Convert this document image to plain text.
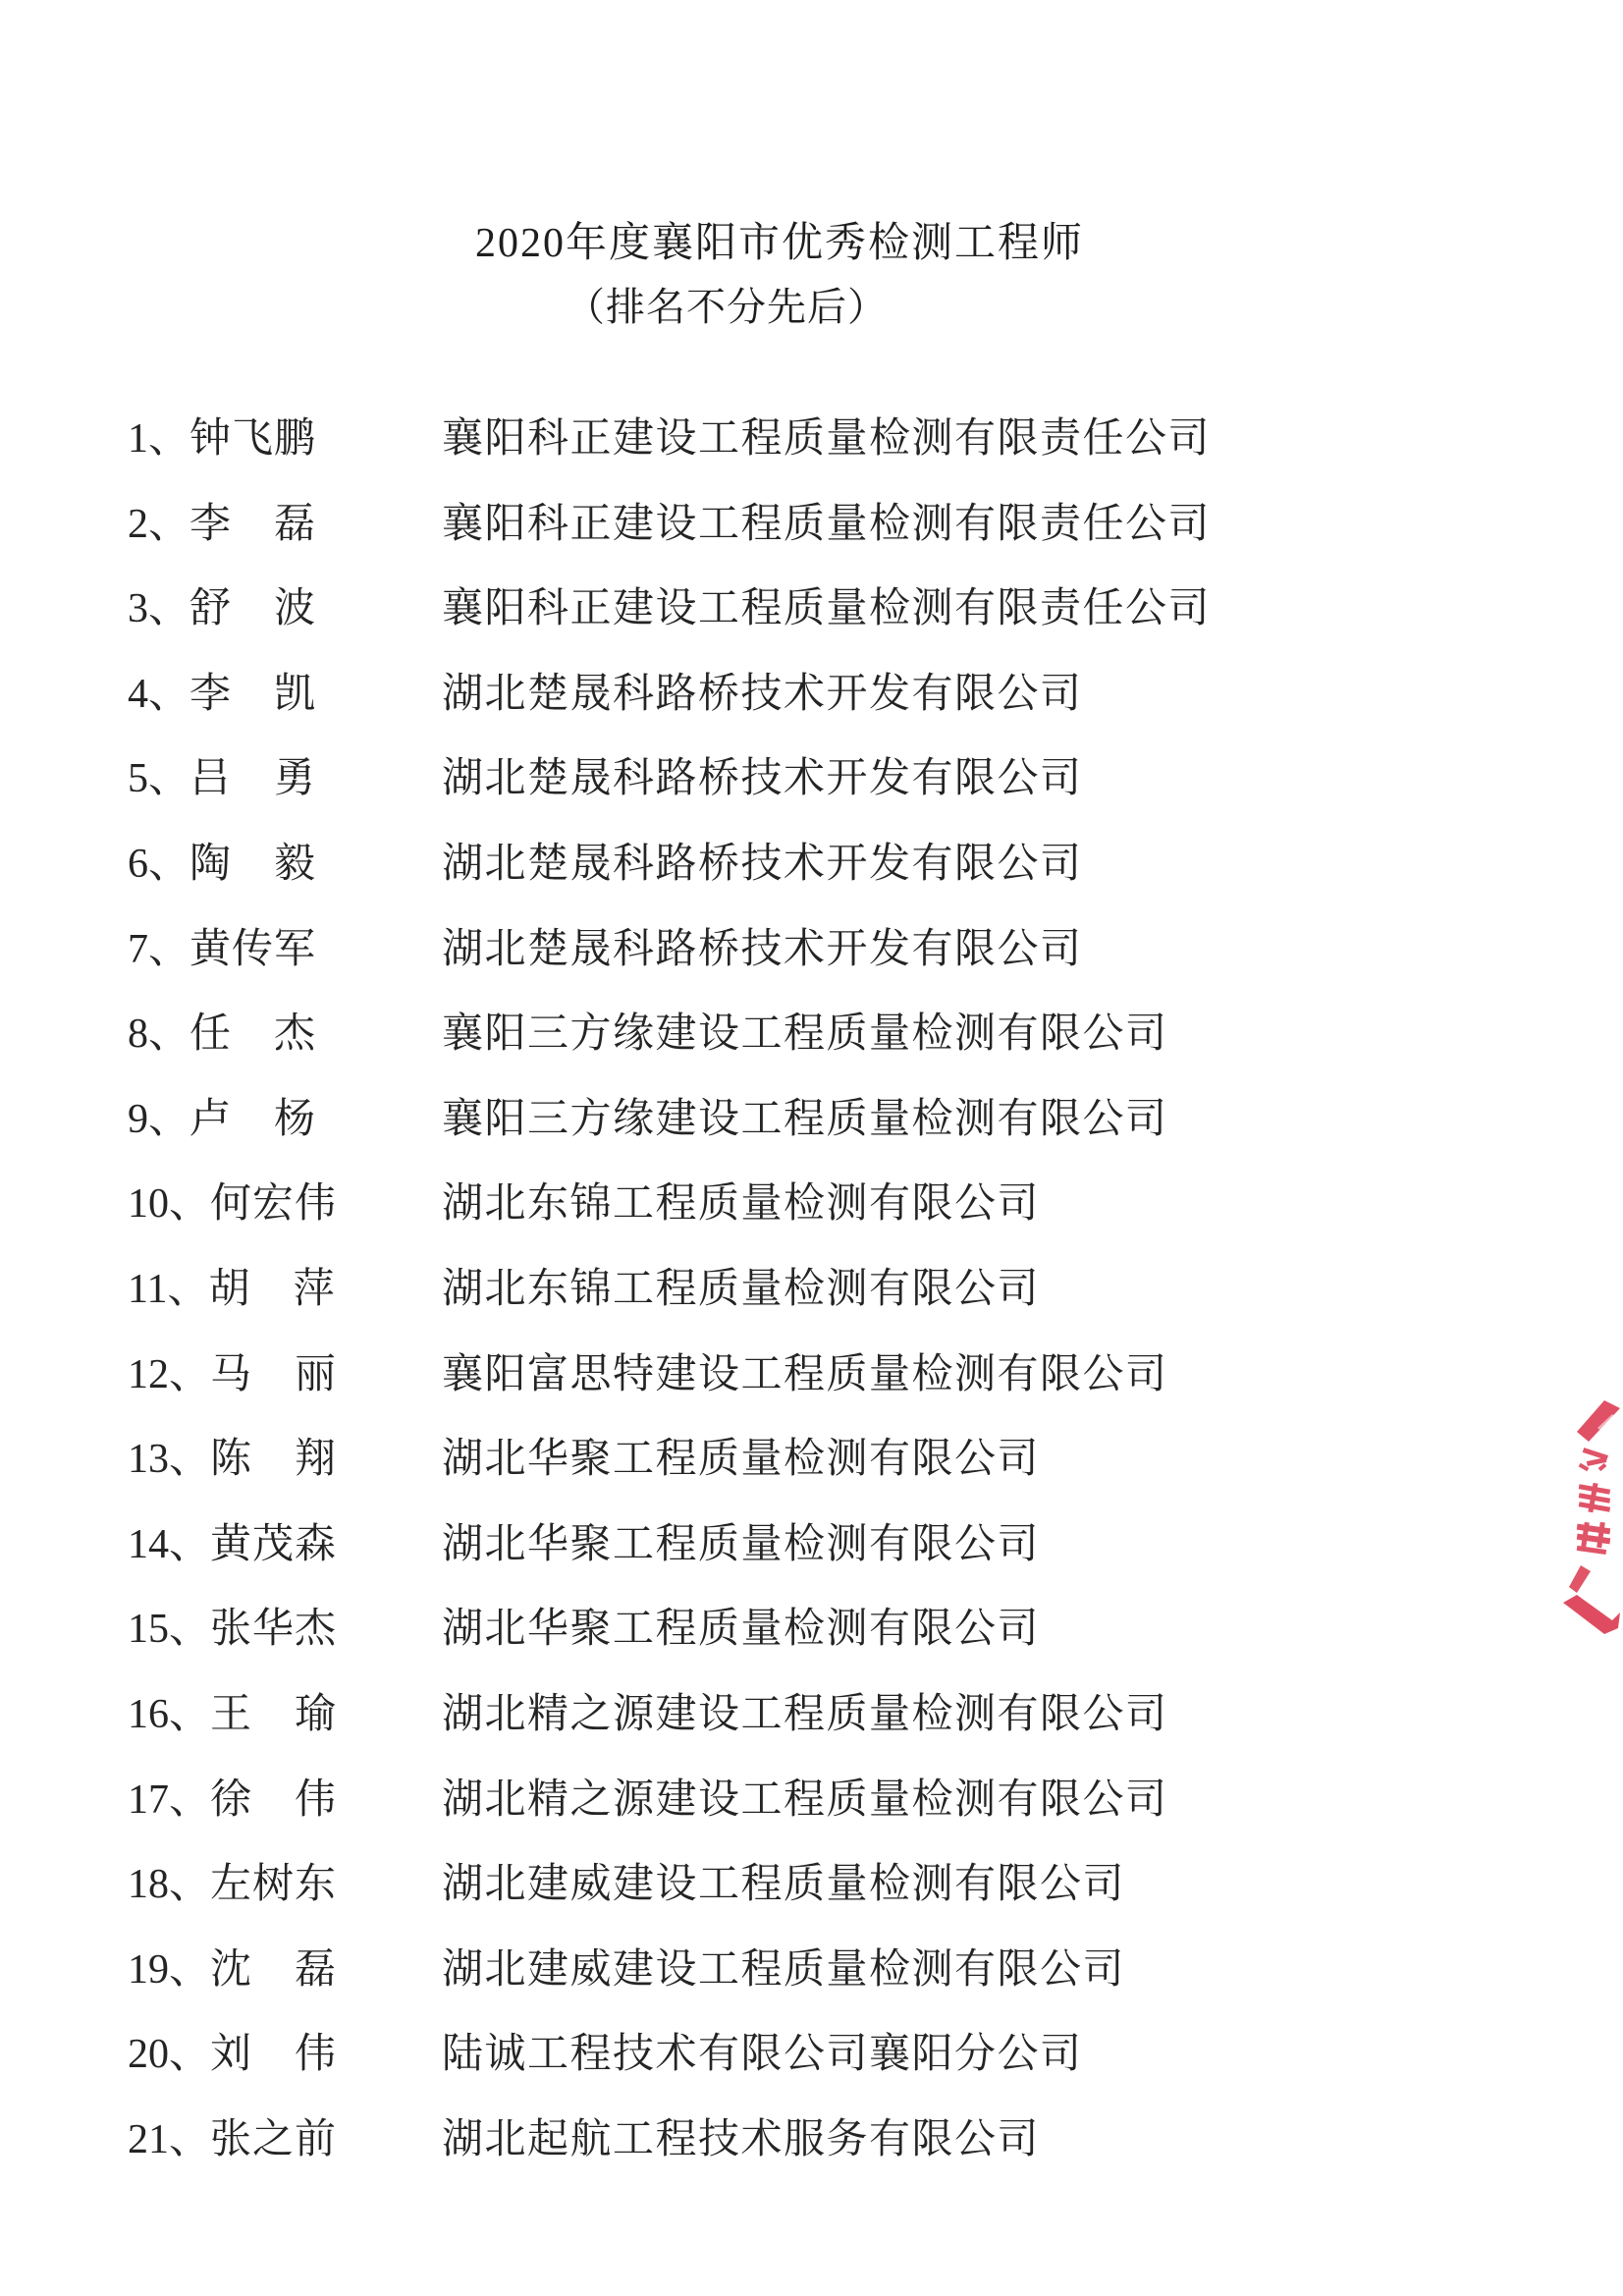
2020年度襄阳市优秀检测工程师
（排名不分先后）
1、钟飞鹏	襄阳科正建设工程质量检测有限责任公司
2、李　磊	襄阳科正建设工程质量检测有限责任公司
3、舒　波	襄阳科正建设工程质量检测有限责任公司
4、李　凯	湖北楚晟科路桥技术开发有限公司
5、吕　勇	湖北楚晟科路桥技术开发有限公司
6、陶　毅	湖北楚晟科路桥技术开发有限公司
7、黄传军	湖北楚晟科路桥技术开发有限公司
8、任　杰	襄阳三方缘建设工程质量检测有限公司
9、卢　杨	襄阳三方缘建设工程质量检测有限公司
10、何宏伟	湖北东锦工程质量检测有限公司
11、胡　萍	湖北东锦工程质量检测有限公司
12、马　丽	襄阳富思特建设工程质量检测有限公司
13、陈　翔	湖北华聚工程质量检测有限公司
14、黄茂森	湖北华聚工程质量检测有限公司
15、张华杰	湖北华聚工程质量检测有限公司
16、王　瑜	湖北精之源建设工程质量检测有限公司
17、徐　伟	湖北精之源建设工程质量检测有限公司
18、左树东	湖北建威建设工程质量检测有限公司
19、沈　磊	湖北建威建设工程质量检测有限公司
20、刘　伟	陆诚工程技术有限公司襄阳分公司
21、张之前	湖北起航工程技术服务有限公司
